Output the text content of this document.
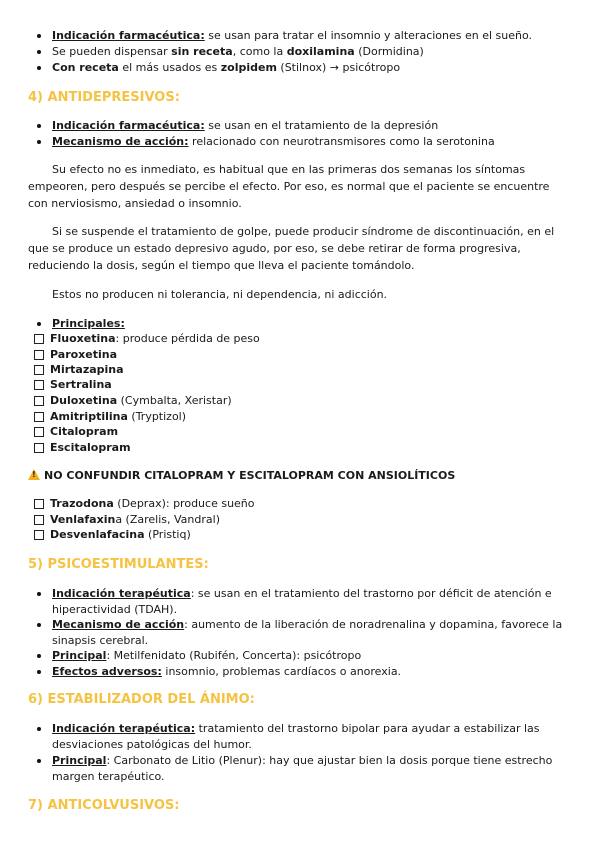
Indicación farmacéutica: se usan para tratar el insomnio y alteraciones en el sueño.
Se pueden dispensar sin receta, como la doxilamina (Dormidina)
Con receta el más usados es zolpidem (Stilnox) → psicótropo
4) ANTIDEPRESIVOS:
Indicación farmacéutica: se usan en el tratamiento de la depresión
Mecanismo de acción: relacionado con neurotransmisores como la serotonina
Su efecto no es inmediato, es habitual que en las primeras dos semanas los síntomas empeoren, pero después se percibe el efecto. Por eso, es normal que el paciente se encuentre con nerviosismo, ansiedad o insomnio.
Si se suspende el tratamiento de golpe, puede producir síndrome de discontinuación, en el que se produce un estado depresivo agudo, por eso, se debe retirar de forma progresiva, reduciendo la dosis, según el tiempo que lleva el paciente tomándolo.
Estos no producen ni tolerancia, ni dependencia, ni adicción.
Principales:
Fluoxetina: produce pérdida de peso
Paroxetina
Mirtazapina
Sertralina
Duloxetina (Cymbalta, Xeristar)
Amitriptilina (Tryptizol)
Citalopram
Escitalopram
!NO CONFUNDIR CITALOPRAM Y ESCITALOPRAM CON ANSIOLÍTICOS
Trazodona (Deprax): produce sueño
Venlafaxina (Zarelis, Vandral)
Desvenlafacina (Pristiq)
5) PSICOESTIMULANTES:
Indicación terapéutica: se usan en el tratamiento del trastorno por déficit de atención e hiperactividad (TDAH).
Mecanismo de acción: aumento de la liberación de noradrenalina y dopamina, favorece la sinapsis cerebral.
Principal: Metilfenidato (Rubifén, Concerta): psicótropo
Efectos adversos: insomnio, problemas cardíacos o anorexia.
6) ESTABILIZADOR DEL ÁNIMO:
Indicación terapéutica: tratamiento del trastorno bipolar para ayudar a estabilizar las desviaciones patológicas del humor.
Principal: Carbonato de Litio (Plenur): hay que ajustar bien la dosis porque tiene estrecho margen terapéutico.
7) ANTICOLVUSIVOS:
